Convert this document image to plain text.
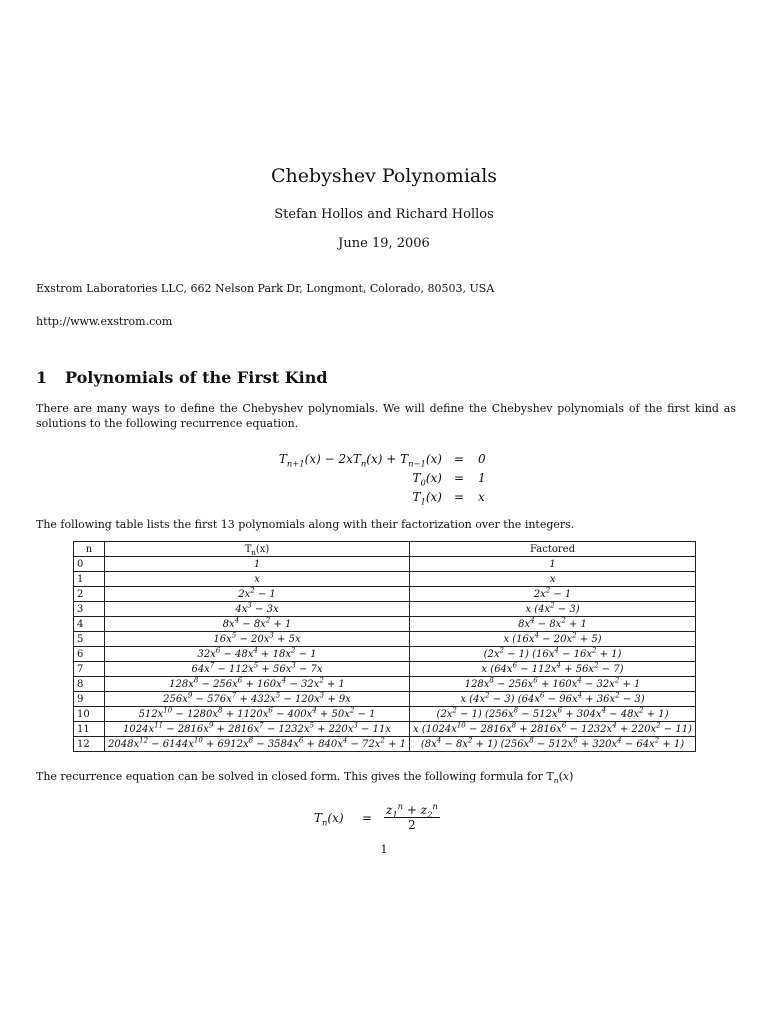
Chebyshev Polynomials
Stefan Hollos and Richard Hollos
June 19, 2006
Exstrom Laboratories LLC, 662 Nelson Park Dr, Longmont, Colorado, 80503, USA
http://www.exstrom.com
1 Polynomials of the First Kind
There are many ways to define the Chebyshev polynomials. We will define the Chebyshev polynomials of the first kind as solutions to the following recurrence equation.
$T_{n+1}(x) - 2xT_n(x) + T_{n-1}(x) = 0$
$T_0(x) = 1$
$T_1(x) = x$
The following table lists the first 13 polynomials along with their factorization over the integers.
n	$T_n(x)$	Factored
0	1	1
1	x	x
2	$2x^2 - 1$	$2x^2 - 1$
3	$4x^3 - 3x$	x $(4x^2 - 3)$
4	$8x^4 - 8x^2 + 1$	$8x^4 - 8x^2 + 1$
5	$16x^5 - 20x^3 + 5x$	x $(16x^4 - 20x^2 + 5)$
6	$32x^6 - 48x^4 + 18x^2 - 1$	$(2x^2 - 1) (16x^4 - 16x^2 + 1)$
7	$64x^7 - 112x^5 + 56x^3 - 7x$	x $(64x^6 - 112x^4 + 56x^2 - 7)$
8	$128x^8 - 256x^6 + 160x^4 - 32x^2 + 1$	$128x^8 - 256x^6 + 160x^4 - 32x^2 + 1$
9	$256x^9 - 576x^7 + 432x^5 - 120x^3 + 9x$	x $(4x^2 - 3) (64x^6 - 96x^4 + 36x^2 - 3)$
10	$512x^{10} - 1280x^8 + 1120x^6 - 400x^4 + 50x^2 - 1$	$(2x^2 - 1) (256x^8 - 512x^6 + 304x^4 - 48x^2 + 1)$
11	$1024x^{11} - 2816x^9 + 2816x^7 - 1232x^5 + 220x^3 - 11x$	x $(1024x^{10} - 2816x^8 + 2816x^6 - 1232x^4 + 220x^2 - 11)$
12	$2048x^{12} - 6144x^{10} + 6912x^8 - 3584x^6 + 840x^4 - 72x^2 + 1$	$(8x^4 - 8x^2 + 1) (256x^8 - 512x^6 + 320x^4 - 64x^2 + 1)$
The recurrence equation can be solved in closed form. This gives the following formula for $T_n(x)$
$T_n(x) = \frac{z_1^n + z_2^n}{2}$
1
